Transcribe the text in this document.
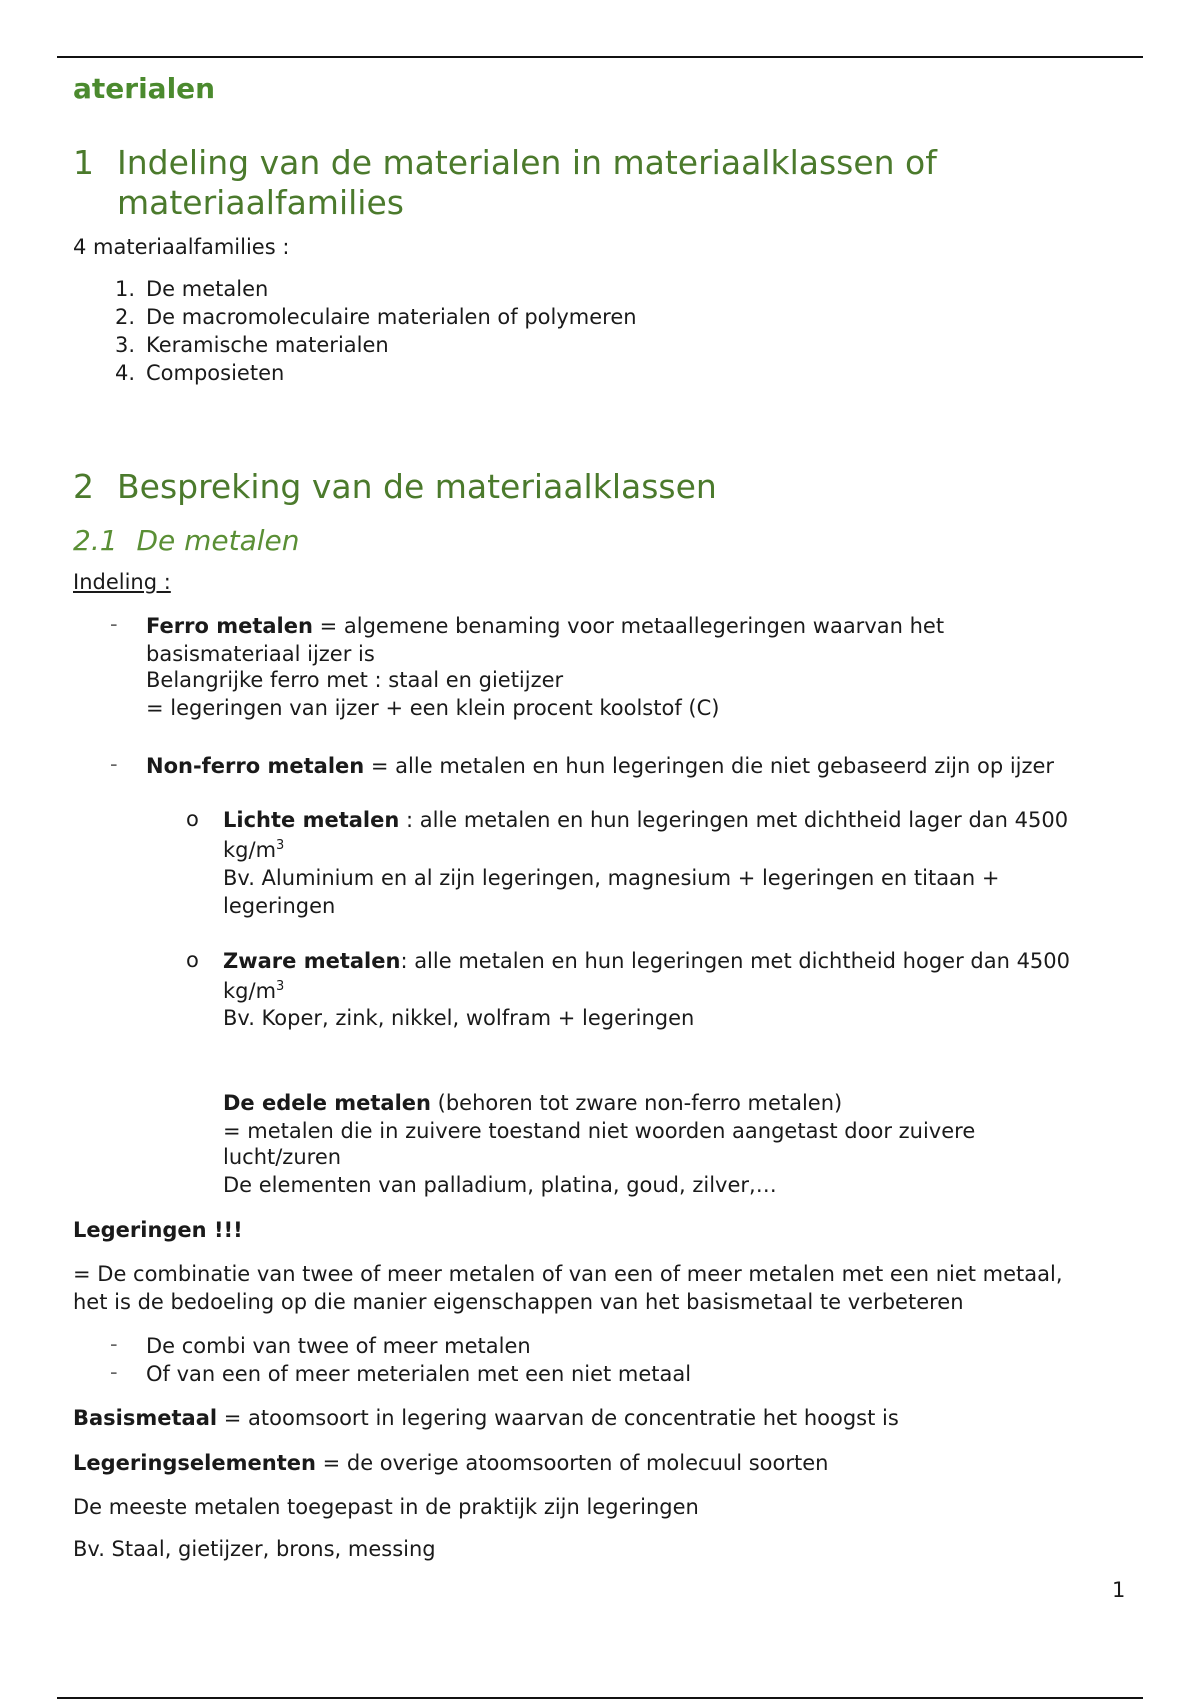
aterialen
1 Indeling van de materialen in materiaalklassen of
materiaalfamilies
4 materiaalfamilies :
1. De metalen
2. De macromoleculaire materialen of polymeren
3. Keramische materialen
4. Composieten
2 Bespreking van de materiaalklassen
2.1 De metalen
Indeling :
- Ferro metalen = algemene benaming voor metaallegeringen waarvan het
basismateriaal ijzer is
Belangrijke ferro met : staal en gietijzer
= legeringen van ijzer + een klein procent koolstof (C)
- Non-ferro metalen = alle metalen en hun legeringen die niet gebaseerd zijn op ijzer
o Lichte metalen : alle metalen en hun legeringen met dichtheid lager dan 4500
$kg/m^3$
Bv. Aluminium en al zijn legeringen, magnesium + legeringen en titaan +
legeringen
o Zware metalen: alle metalen en hun legeringen met dichtheid hoger dan 4500
$kg/m^3$
Bv. Koper, zink, nikkel, wolfram + legeringen
De edele metalen (behoren tot zware non-ferro metalen)
= metalen die in zuivere toestand niet woorden aangetast door zuivere
lucht/zuren
De elementen van palladium, platina, goud, zilver,…
Legeringen !!!
= De combinatie van twee of meer metalen of van een of meer metalen met een niet metaal,
het is de bedoeling op die manier eigenschappen van het basismetaal te verbeteren
- De combi van twee of meer metalen
- Of van een of meer meterialen met een niet metaal
Basismetaal = atoomsoort in legering waarvan de concentratie het hoogst is
Legeringselementen = de overige atoomsoorten of molecuul soorten
De meeste metalen toegepast in de praktijk zijn legeringen
Bv. Staal, gietijzer, brons, messing
1
